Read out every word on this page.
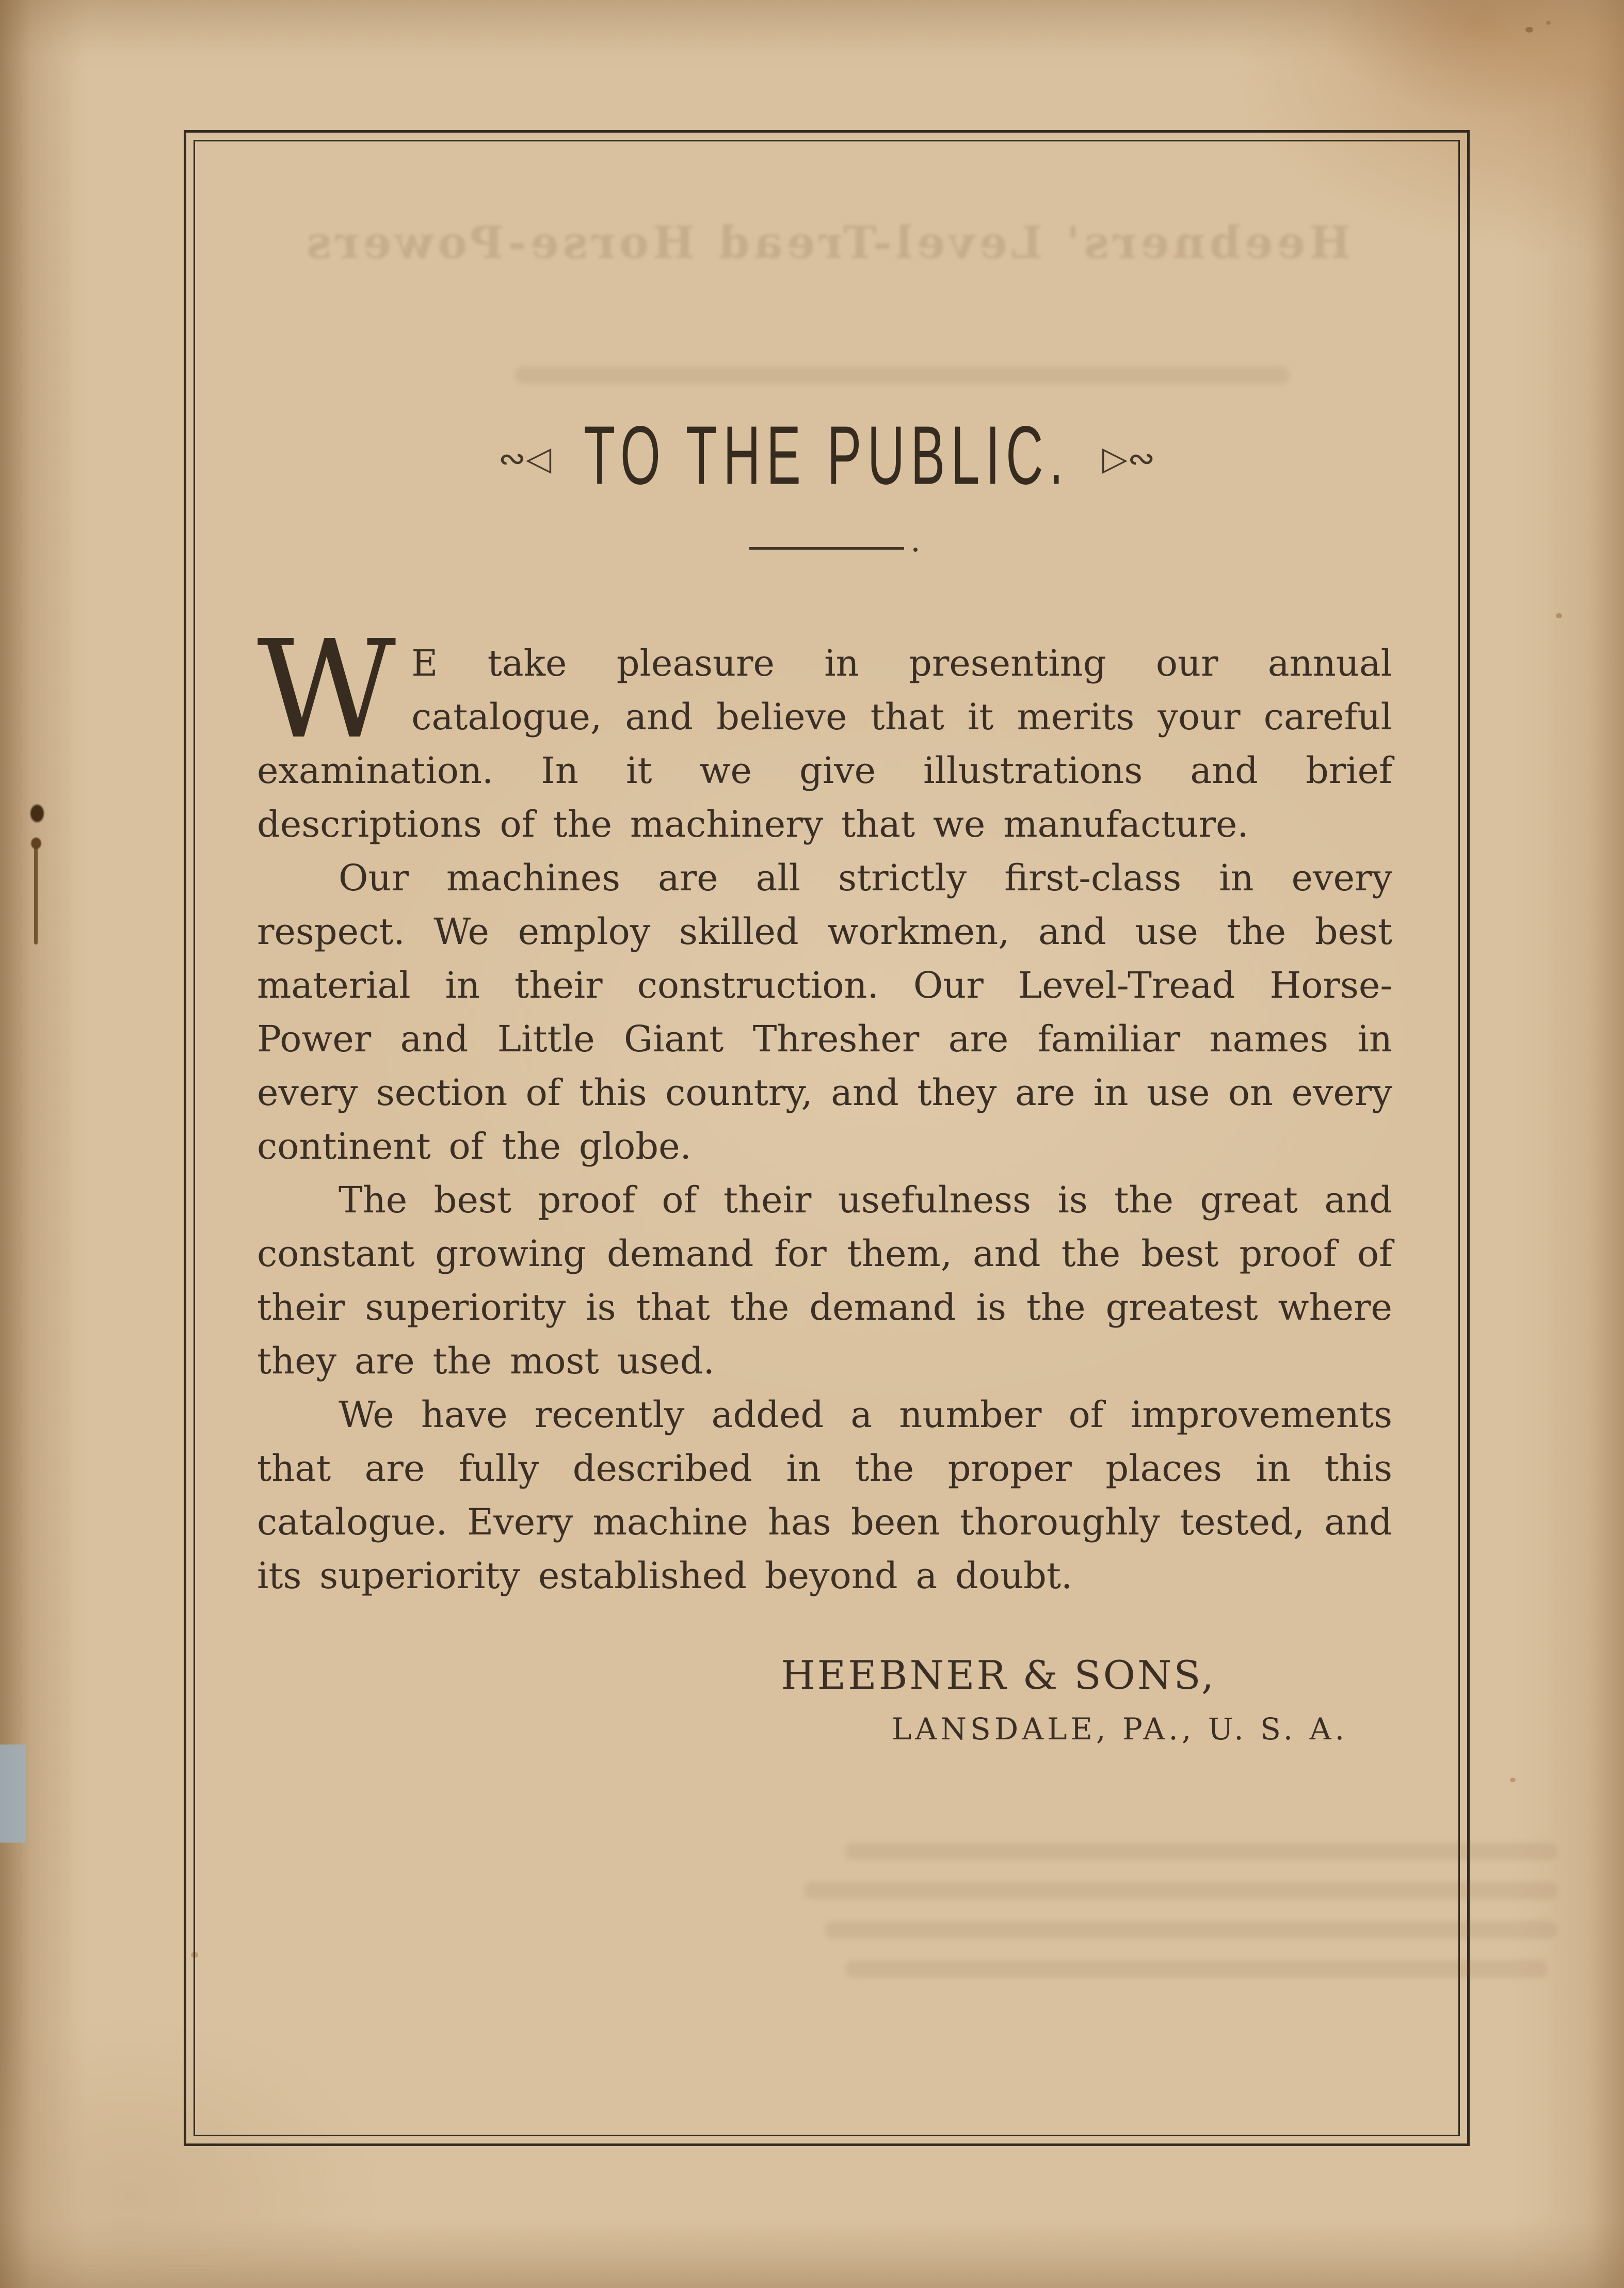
Heebners' Level-Tread Horse-Powers
∾◁ TO THE PUBLIC. ▷∾

W E take pleasure in presenting our annual catalogue, and believe that it merits your careful examination. In it we give illustrations and brief descriptions of the machinery that we manufacture.

Our machines are all strictly first-class in every respect. We employ skilled workmen, and use the best material in their construction. Our Level-Tread Horse-Power and Little Giant Thresher are familiar names in every section of this country, and they are in use on every continent of the globe.

The best proof of their usefulness is the great and constant growing demand for them, and the best proof of their superiority is that the demand is the greatest where they are the most used.

We have recently added a number of improvements that are fully described in the proper places in this catalogue. Every machine has been thoroughly tested, and its superiority established beyond a doubt.

HEEBNER & SONS,
LANSDALE, PA., U. S. A.
